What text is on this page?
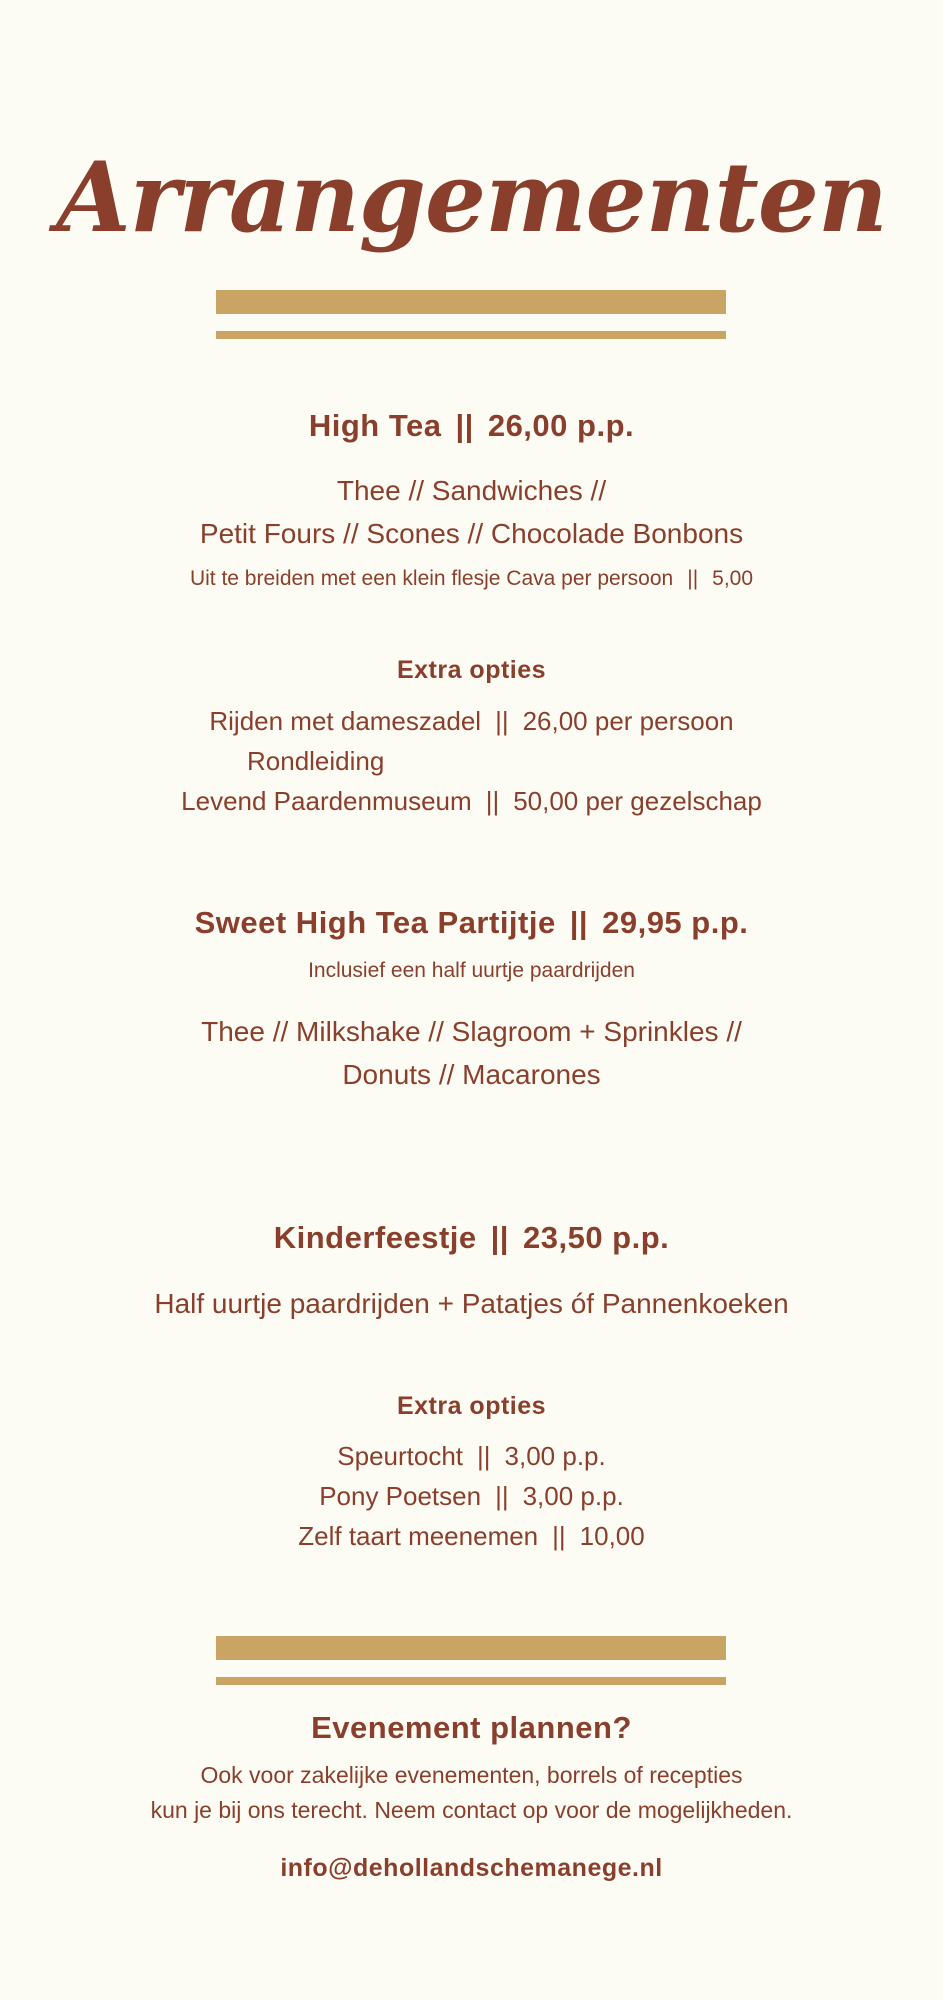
Arrangementen
High Tea || 26,00 p.p.
Thee // Sandwiches //
Petit Fours // Scones // Chocolade Bonbons
Uit te breiden met een klein flesje Cava per persoon || 5,00
Extra opties
Rijden met dameszadel || 26,00 per persoon
Rondleiding
Levend Paardenmuseum || 50,00 per gezelschap
Sweet High Tea Partijtje || 29,95 p.p.
Inclusief een half uurtje paardrijden
Thee // Milkshake // Slagroom + Sprinkles //
Donuts // Macarones
Kinderfeestje || 23,50 p.p.
Half uurtje paardrijden + Patatjes óf Pannenkoeken
Extra opties
Speurtocht || 3,00 p.p.
Pony Poetsen || 3,00 p.p.
Zelf taart meenemen || 10,00
Evenement plannen?
Ook voor zakelijke evenementen, borrels of recepties
kun je bij ons terecht. Neem contact op voor de mogelijkheden.
info@dehollandschemanege.nl
